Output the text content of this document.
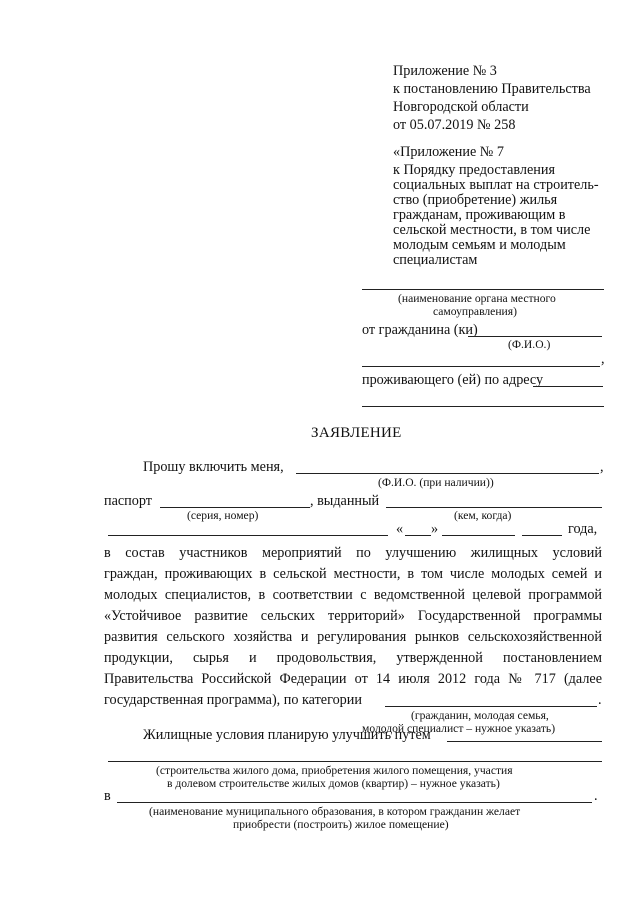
Приложение № 3
к постановлению Правительства
Новгородской области
от 05.07.2019 № 258
«Приложение № 7
к Порядку предоставления
социальных выплат на строитель-
ство (приобретение) жилья
гражданам, проживающим в
сельской местности, в том числе
молодым семьям и молодым
специалистам
(наименование органа местного
самоуправления)
от гражданина (ки)
(Ф.И.О.)
,
проживающего (ей) по адресу
ЗАЯВЛЕНИЕ
Прошу включить меня,	,
(Ф.И.О. (при наличии))
паспорт	, выданный
(серия, номер)	(кем, когда)
« »	года,
в состав участников мероприятий по улучшению жилищных условий
граждан, проживающих в сельской местности, в том числе молодых семей и
молодых специалистов, в соответствии с ведомственной целевой программой
«Устойчивое развитие сельских территорий» Государственной программы
развития сельского хозяйства и регулирования рынков сельскохозяйственной
продукции, сырья и продовольствия, утвержденной постановлением
Правительства Российской Федерации от 14 июля 2012 года № 717 (далее
государственная программа), по категории	.
(гражданин, молодая семья,
молодой специалист – нужное указать)
Жилищные условия планирую улучшить путем
(строительства жилого дома, приобретения жилого помещения, участия
в долевом строительстве жилых домов (квартир) – нужное указать)
в	.
(наименование муниципального образования, в котором гражданин желает
приобрести (построить) жилое помещение)
